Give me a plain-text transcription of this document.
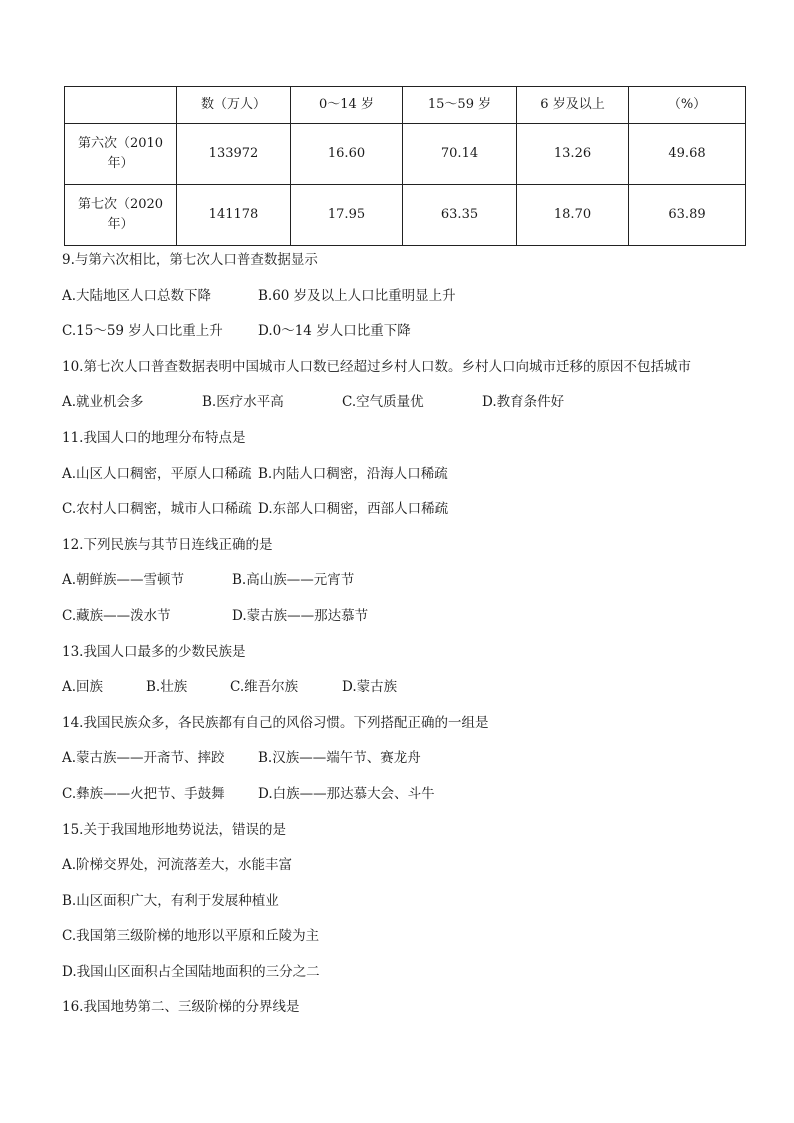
	数（万人）	0～14 岁	15～59 岁	6 岁及以上	（%）
第六次（2010 年）	133972	16.60	70.14	13.26	49.68
第七次（2020 年）	141178	17.95	63.35	18.70	63.89
9.与第六次相比，第七次人口普查数据显示
A.大陆地区人口总数下降	B.60 岁及以上人口比重明显上升
C.15～59 岁人口比重上升	D.0～14 岁人口比重下降
10.第七次人口普查数据表明中国城市人口数已经超过乡村人口数。乡村人口向城市迁移的原因不包括城市
A.就业机会多	B.医疗水平高	C.空气质量优	D.教育条件好
11.我国人口的地理分布特点是
A.山区人口稠密，平原人口稀疏 B.内陆人口稠密，沿海人口稀疏
C.农村人口稠密，城市人口稀疏 D.东部人口稠密，西部人口稀疏
12.下列民族与其节日连线正确的是
A.朝鲜族——雪顿节	B.高山族——元宵节
C.藏族——泼水节	D.蒙古族——那达慕节
13.我国人口最多的少数民族是
A.回族	B.壮族	C.维吾尔族	D.蒙古族
14.我国民族众多，各民族都有自己的风俗习惯。下列搭配正确的一组是
A.蒙古族——开斋节、摔跤	B.汉族——端午节、赛龙舟
C.彝族——火把节、手鼓舞	D.白族——那达慕大会、斗牛
15.关于我国地形地势说法，错误的是
A.阶梯交界处，河流落差大，水能丰富
B.山区面积广大，有利于发展种植业
C.我国第三级阶梯的地形以平原和丘陵为主
D.我国山区面积占全国陆地面积的三分之二
16.我国地势第二、三级阶梯的分界线是
